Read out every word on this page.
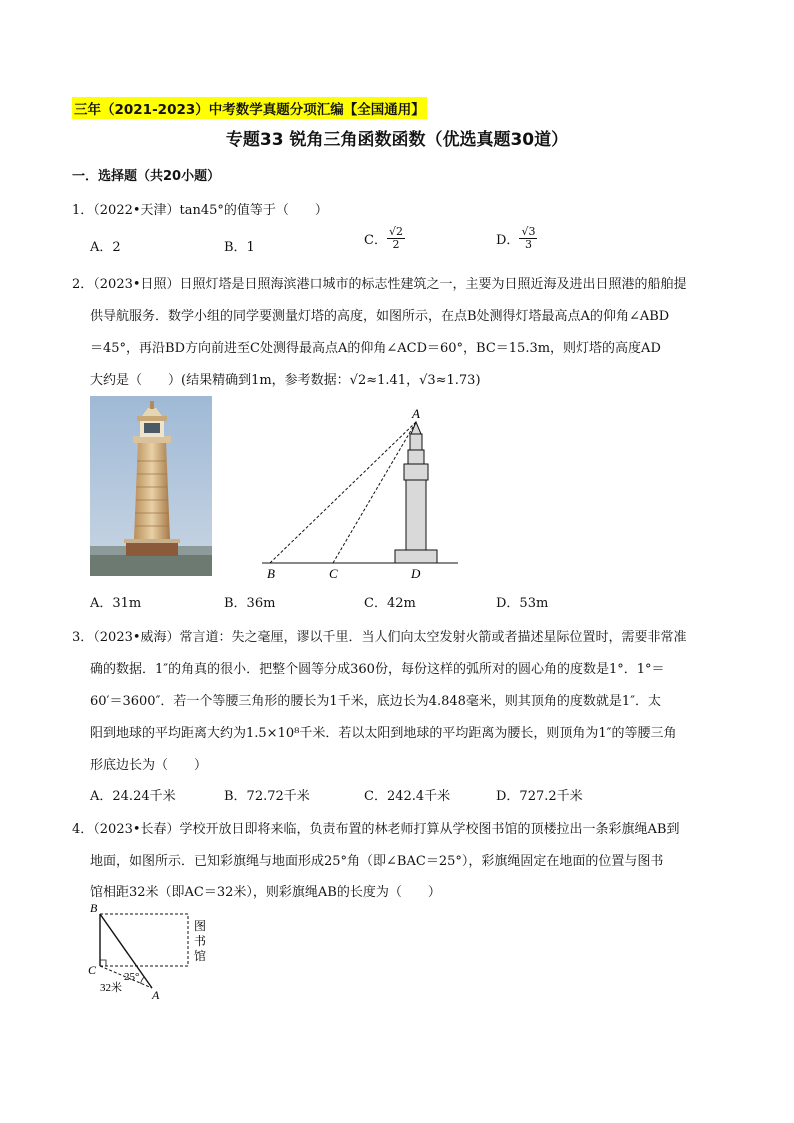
三年（2021-2023）中考数学真题分项汇编【全国通用】
专题33 锐角三角函数函数（优选真题30道）
一．选择题（共20小题）
1．（2022•天津）tan45°的值等于（　　）
A．2	B．1	C． $\frac{√2}{2}$	D． $\frac{√3}{3}$
2．（2023•日照）日照灯塔是日照海滨港口城市的标志性建筑之一，主要为日照近海及进出日照港的船舶提
供导航服务．数学小组的同学要测量灯塔的高度，如图所示，在点B处测得灯塔最高点A的仰角∠ABD
＝45°，再沿BD方向前进至C处测得最高点A的仰角∠ACD＝60°，BC＝15.3m，则灯塔的高度AD
大约是（　　）(结果精确到1m，参考数据：√2≈1.41，√3≈1.73)
A
B	C	D
A．31m	B．36m	C．42m	D．53m
3．（2023•威海）常言道：失之毫厘，谬以千里．当人们向太空发射火箭或者描述星际位置时，需要非常准
确的数据．1″的角真的很小．把整个圆等分成360份，每份这样的弧所对的圆心角的度数是1°．1°＝
60′＝3600″．若一个等腰三角形的腰长为1千米，底边长为4.848毫米，则其顶角的度数就是1″．太
阳到地球的平均距离大约为1.5×10⁸千米．若以太阳到地球的平均距离为腰长，则顶角为1″的等腰三角
形底边长为（　　）
A．24.24千米	B．72.72千米	C．242.4千米	D．727.2千米
4．（2023•长春）学校开放日即将来临，负责布置的林老师打算从学校图书馆的顶楼拉出一条彩旗绳AB到
地面，如图所示．已知彩旗绳与地面形成25°角（即∠BAC＝25°），彩旗绳固定在地面的位置与图书
馆相距32米（即AC＝32米），则彩旗绳AB的长度为（　　）
B
C
A
25°
32米
图
书
馆
